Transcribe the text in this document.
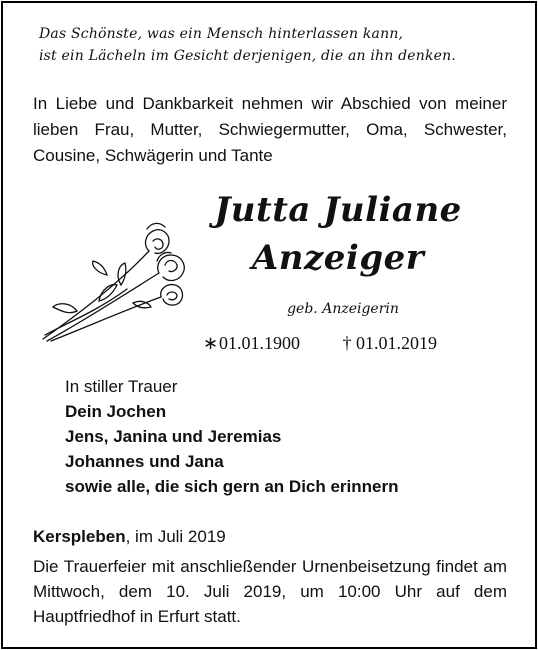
Das Schönste, was ein Mensch hinterlassen kann,
ist ein Lächeln im Gesicht derjenigen, die an ihn denken.
In Liebe und Dankbarkeit nehmen wir Abschied von meiner lieben Frau, Mutter, Schwiegermutter, Oma, Schwester, Cousine, Schwägerin und Tante
Jutta Juliane
Anzeiger
geb. Anzeigerin
∗01.01.1900 † 01.01.2019
In stiller Trauer
Dein Jochen
Jens, Janina und Jeremias
Johannes und Jana
sowie alle, die sich gern an Dich erinnern
Kerspleben, im Juli 2019
Die Trauerfeier mit anschließender Urnenbeisetzung findet am Mittwoch, dem 10. Juli 2019, um 10:00 Uhr auf dem Hauptfriedhof in Erfurt statt.
